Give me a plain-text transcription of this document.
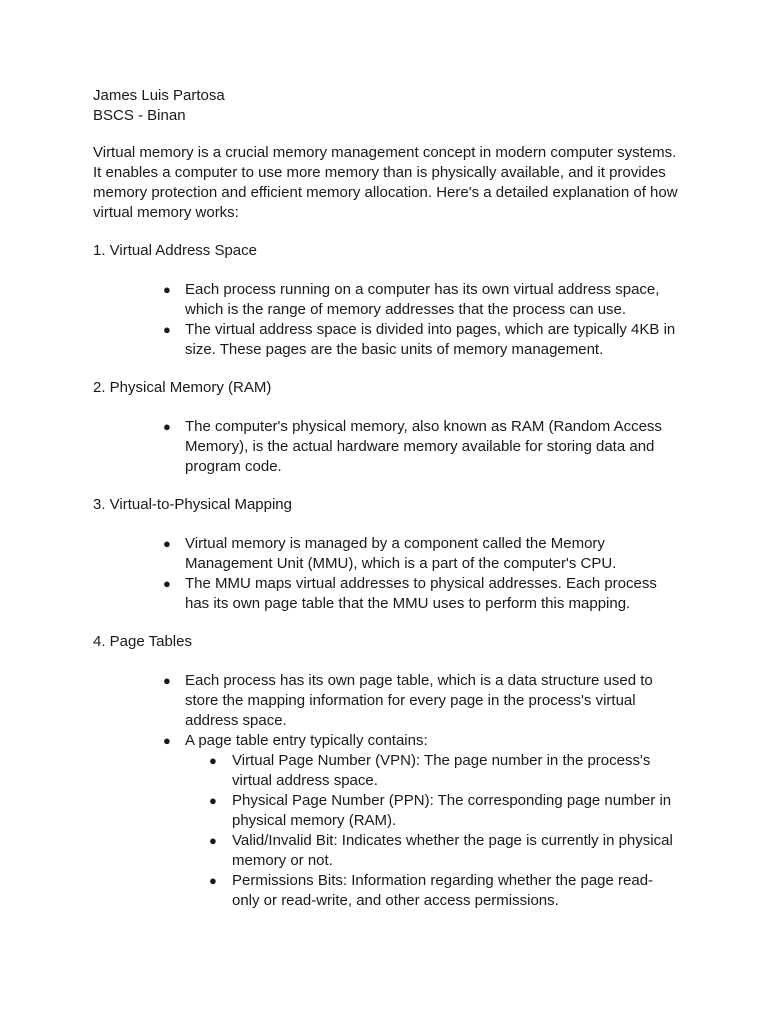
James Luis Partosa

BSCS - Binan

Virtual memory is a crucial memory management concept in modern computer systems. It enables a computer to use more memory than is physically available, and it provides memory protection and efficient memory allocation. Here's a detailed explanation of how virtual memory works:

1. Virtual Address Space

● Each process running on a computer has its own virtual address space, which is the range of memory addresses that the process can use.
● The virtual address space is divided into pages, which are typically 4KB in size. These pages are the basic units of memory management.

2. Physical Memory (RAM)

● The computer's physical memory, also known as RAM (Random Access Memory), is the actual hardware memory available for storing data and program code.

3. Virtual-to-Physical Mapping

● Virtual memory is managed by a component called the Memory Management Unit (MMU), which is a part of the computer's CPU.
● The MMU maps virtual addresses to physical addresses. Each process has its own page table that the MMU uses to perform this mapping.

4. Page Tables

● Each process has its own page table, which is a data structure used to store the mapping information for every page in the process's virtual address space.
● A page table entry typically contains:
● Virtual Page Number (VPN): The page number in the process's virtual address space.
● Physical Page Number (PPN): The corresponding page number in physical memory (RAM).
● Valid/Invalid Bit: Indicates whether the page is currently in physical memory or not.
● Permissions Bits: Information regarding whether the page read-only or read-write, and other access permissions.
